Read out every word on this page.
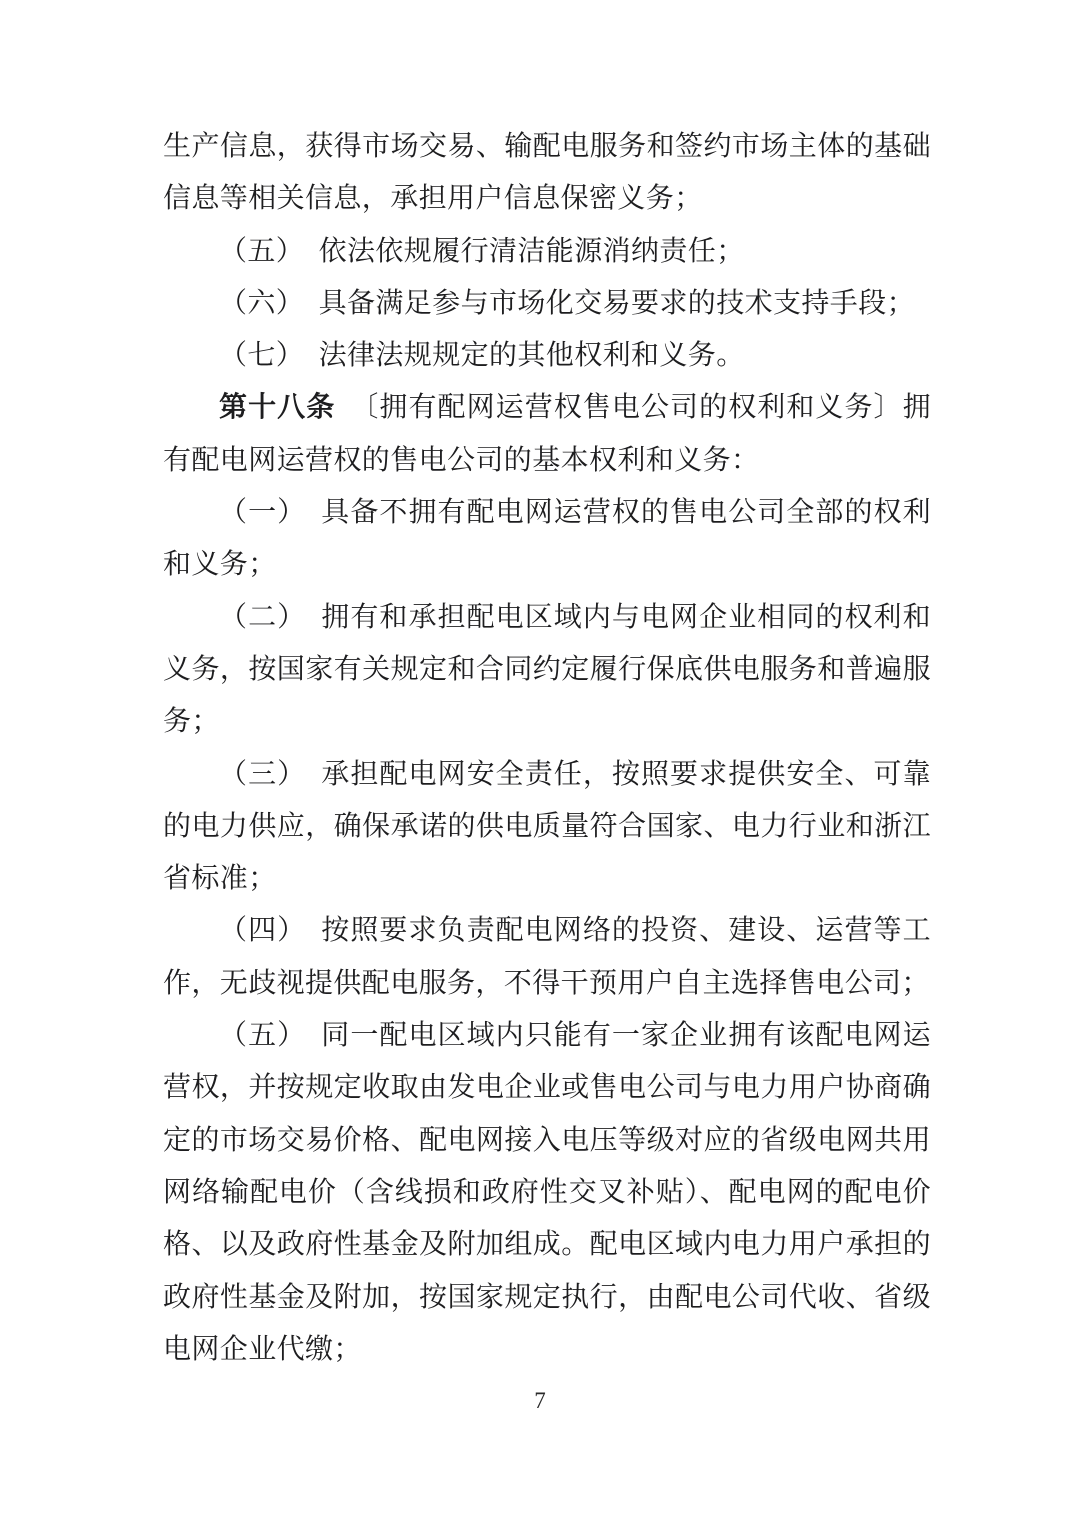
生产信息，获得市场交易、输配电服务和签约市场主体的基础信息等相关信息，承担用户信息保密义务；

（五）　依法依规履行清洁能源消纳责任；

（六）　具备满足参与市场化交易要求的技术支持手段；

（七）　法律法规规定的其他权利和义务。

第十八条　〔拥有配网运营权售电公司的权利和义务〕拥有配电网运营权的售电公司的基本权利和义务：

（一）　具备不拥有配电网运营权的售电公司全部的权利和义务；

（二）　拥有和承担配电区域内与电网企业相同的权利和义务，按国家有关规定和合同约定履行保底供电服务和普遍服务；

（三）　承担配电网安全责任，按照要求提供安全、可靠的电力供应，确保承诺的供电质量符合国家、电力行业和浙江省标准；

（四）　按照要求负责配电网络的投资、建设、运营等工作，无歧视提供配电服务，不得干预用户自主选择售电公司；

（五）　同一配电区域内只能有一家企业拥有该配电网运营权，并按规定收取由发电企业或售电公司与电力用户协商确定的市场交易价格、配电网接入电压等级对应的省级电网共用网络输配电价（含线损和政府性交叉补贴）、配电网的配电价格、以及政府性基金及附加组成。配电区域内电力用户承担的政府性基金及附加，按国家规定执行，由配电公司代收、省级电网企业代缴；

7
